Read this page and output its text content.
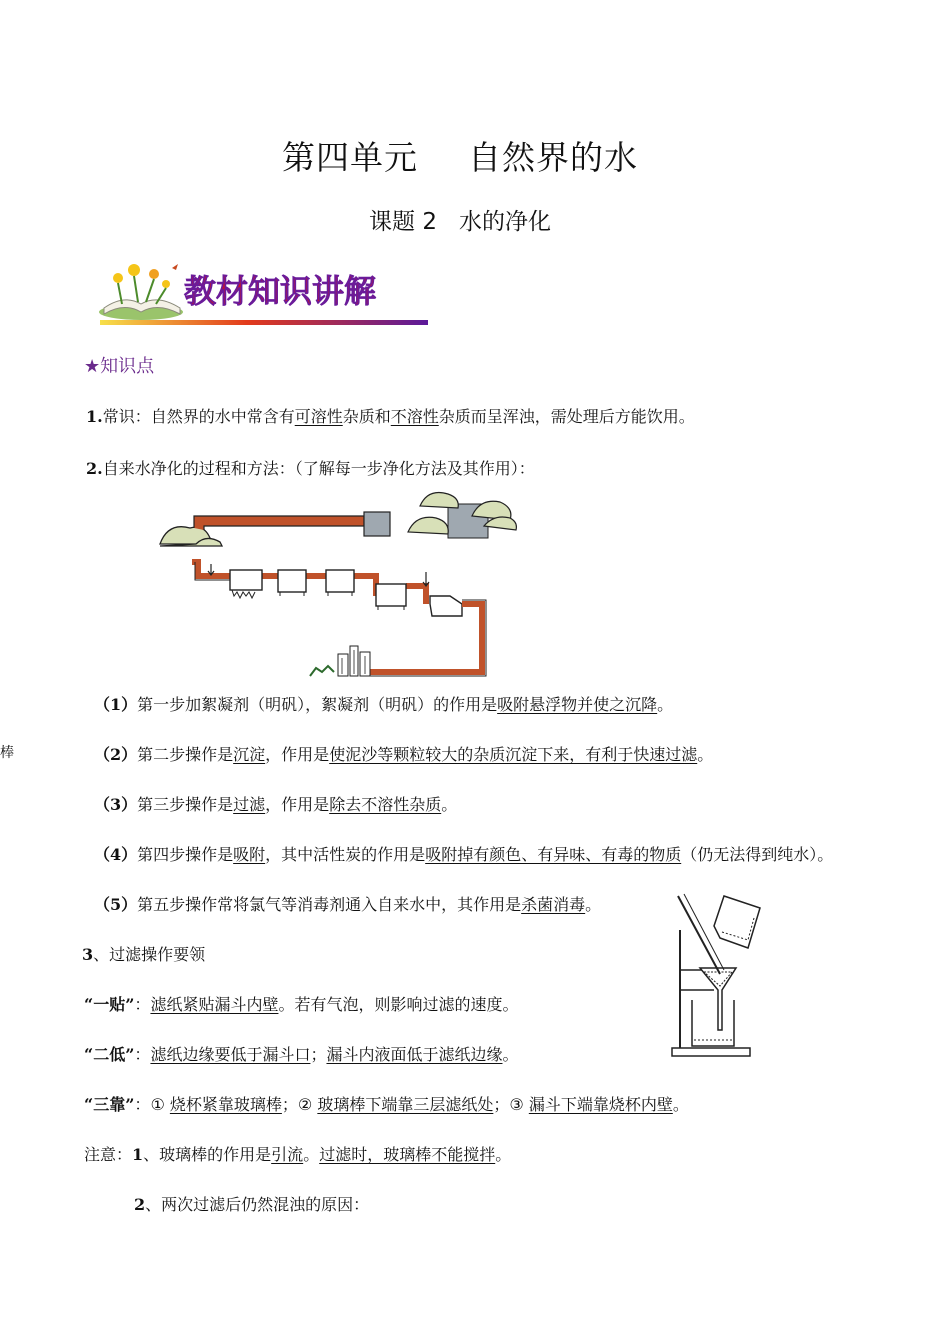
第四单元 自然界的水
课题 2 水的净化
教材知识讲解
★知识点
1.常识：自然界的水中常含有可溶性杂质和不溶性杂质而呈浑浊，需处理后方能饮用。
2.自来水净化的过程和方法：（了解每一步净化方法及其作用）：
（1）第一步加絮凝剂（明矾），絮凝剂（明矾）的作用是吸附悬浮物并使之沉降。
棒	（2）第二步操作是沉淀，作用是使泥沙等颗粒较大的杂质沉淀下来，有利于快速过滤。
（3）第三步操作是过滤，作用是除去不溶性杂质。
（4）第四步操作是吸附，其中活性炭的作用是吸附掉有颜色、有异味、有毒的物质（仍无法得到纯水）。
（5）第五步操作常将氯气等消毒剂通入自来水中，其作用是杀菌消毒。
3、过滤操作要领
“一贴”：滤纸紧贴漏斗内壁。若有气泡，则影响过滤的速度。
“二低”：滤纸边缘要低于漏斗口；漏斗内液面低于滤纸边缘。
“三靠”：① 烧杯紧靠玻璃棒；② 玻璃棒下端靠三层滤纸处；③ 漏斗下端靠烧杯内壁。
注意：1、玻璃棒的作用是引流。过滤时，玻璃棒不能搅拌。
2、两次过滤后仍然混浊的原因：
